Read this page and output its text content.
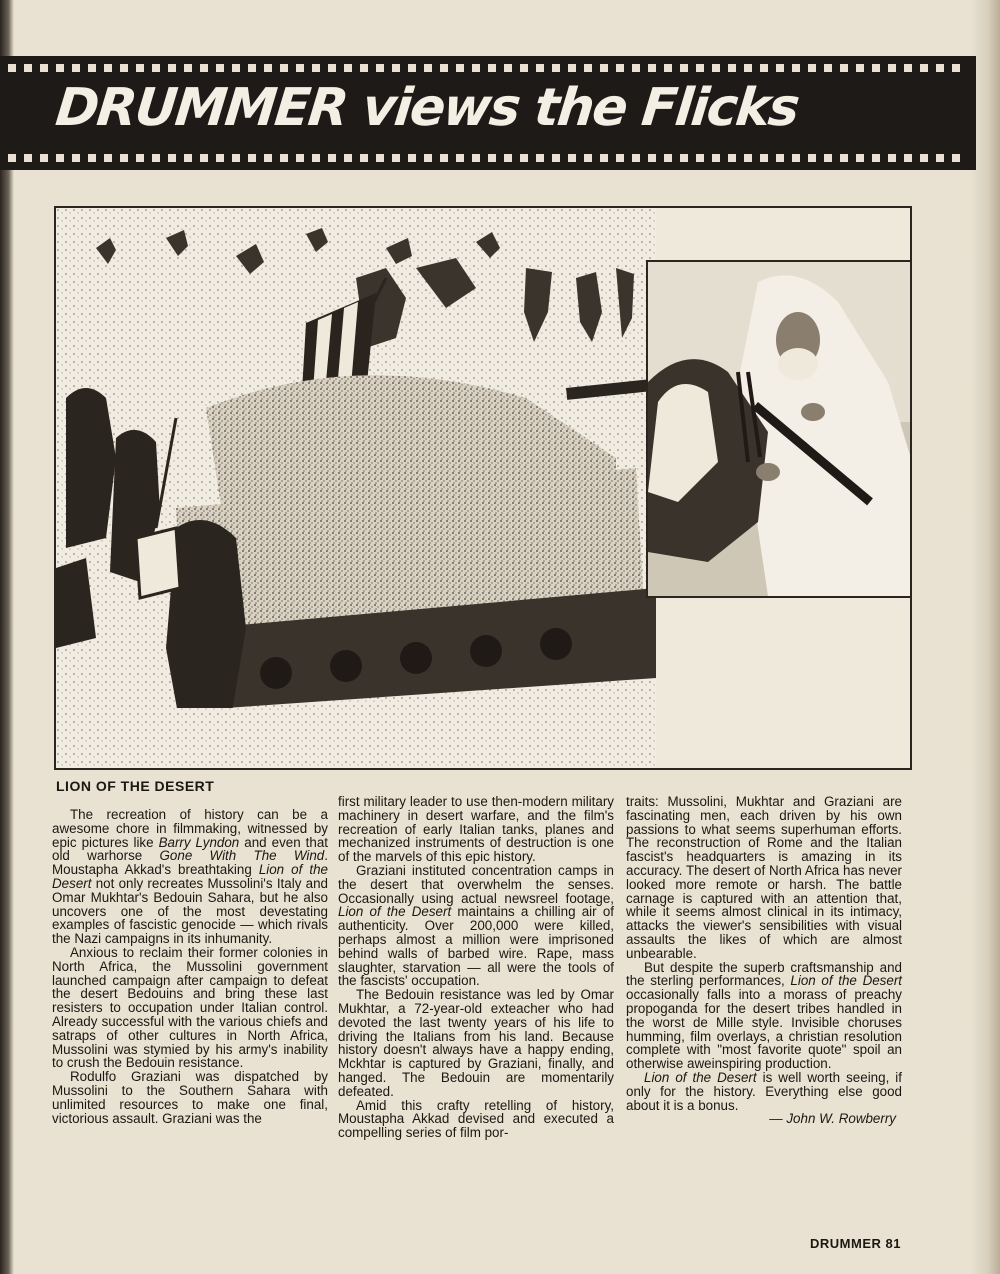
DRUMMER views the Flicks
LION OF THE DESERT

The recreation of history can be a awesome chore in filmmaking, witnessed by epic pictures like Barry Lyndon and even that old warhorse Gone With The Wind. Moustapha Akkad's breathtaking Lion of the Desert not only recreates Mussolini's Italy and Omar Mukhtar's Bedouin Sahara, but he also uncovers one of the most devestating examples of fascistic genocide — which rivals the Nazi campaigns in its inhumanity.

Anxious to reclaim their former colonies in North Africa, the Mussolini government launched campaign after campaign to defeat the desert Bedouins and bring these last resisters to occupation under Italian control. Already successful with the various chiefs and satraps of other cultures in North Africa, Mussolini was stymied by his army's inability to crush the Bedouin resistance.

Rodulfo Graziani was dispatched by Mussolini to the Southern Sahara with unlimited resources to make one final, victorious assault. Graziani was the

first military leader to use then-modern military machinery in desert warfare, and the film's recreation of early Italian tanks, planes and mechanized instruments of destruction is one of the marvels of this epic history.

Graziani instituted concentration camps in the desert that overwhelm the senses. Occasionally using actual newsreel footage, Lion of the Desert maintains a chilling air of authenticity. Over 200,000 were killed, perhaps almost a million were imprisoned behind walls of barbed wire. Rape, mass slaughter, starvation — all were the tools of the fascists' occupation.

The Bedouin resistance was led by Omar Mukhtar, a 72-year-old exteacher who had devoted the last twenty years of his life to driving the Italians from his land. Because history doesn't always have a happy ending, Mckhtar is captured by Graziani, finally, and hanged. The Bedouin are momentarily defeated.

Amid this crafty retelling of history, Moustapha Akkad devised and executed a compelling series of film por-

traits: Mussolini, Mukhtar and Graziani are fascinating men, each driven by his own passions to what seems superhuman efforts. The reconstruction of Rome and the Italian fascist's headquarters is amazing in its accuracy. The desert of North Africa has never looked more remote or harsh. The battle carnage is captured with an attention that, while it seems almost clinical in its intimacy, attacks the viewer's sensibilities with visual assaults the likes of which are almost unbearable.

But despite the superb craftsmanship and the sterling performances, Lion of the Desert occasionally falls into a morass of preachy propoganda for the desert tribes handled in the worst de Mille style. Invisible choruses humming, film overlays, a christian resolution complete with "most favorite quote" spoil an otherwise aweinspiring production.

Lion of the Desert is well worth seeing, if only for the history. Everything else good about it is a bonus.

— John W. Rowberry

DRUMMER 81
